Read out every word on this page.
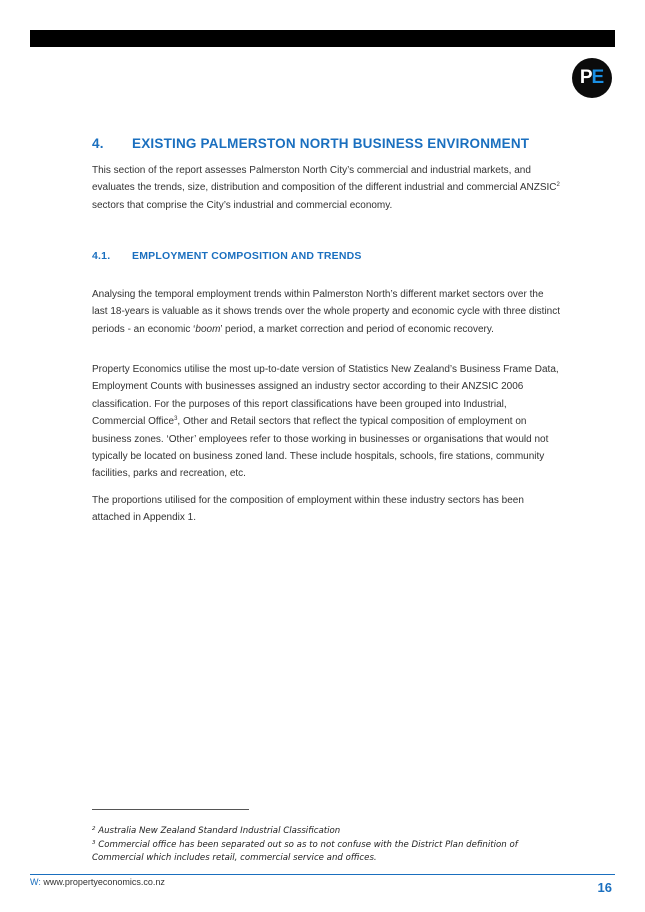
P E
4. EXISTING PALMERSTON NORTH BUSINESS ENVIRONMENT

This section of the report assesses Palmerston North City’s commercial and industrial markets, and evaluates the trends, size, distribution and composition of the different industrial and commercial ANZSIC$^2$ sectors that comprise the City’s industrial and commercial economy.

4.1. EMPLOYMENT COMPOSITION AND TRENDS

Analysing the temporal employment trends within Palmerston North’s different market sectors over the last 18-years is valuable as it shows trends over the whole property and economic cycle with three distinct periods - an economic ‘boom’ period, a market correction and period of economic recovery.

Property Economics utilise the most up-to-date version of Statistics New Zealand’s Business Frame Data, Employment Counts with businesses assigned an industry sector according to their ANZSIC 2006 classification. For the purposes of this report classifications have been grouped into Industrial, Commercial Office$^3$, Other and Retail sectors that reflect the typical composition of employment on business zones. ‘Other’ employees refer to those working in businesses or organisations that would not typically be located on business zoned land. These include hospitals, schools, fire stations, community facilities, parks and recreation, etc.

The proportions utilised for the composition of employment within these industry sectors has been attached in Appendix 1.

$^2$ Australia New Zealand Standard Industrial Classification

$^3$ Commercial office has been separated out so as to not confuse with the District Plan definition of Commercial which includes retail, commercial service and offices.

W: www.propertyeconomics.co.nz	16
